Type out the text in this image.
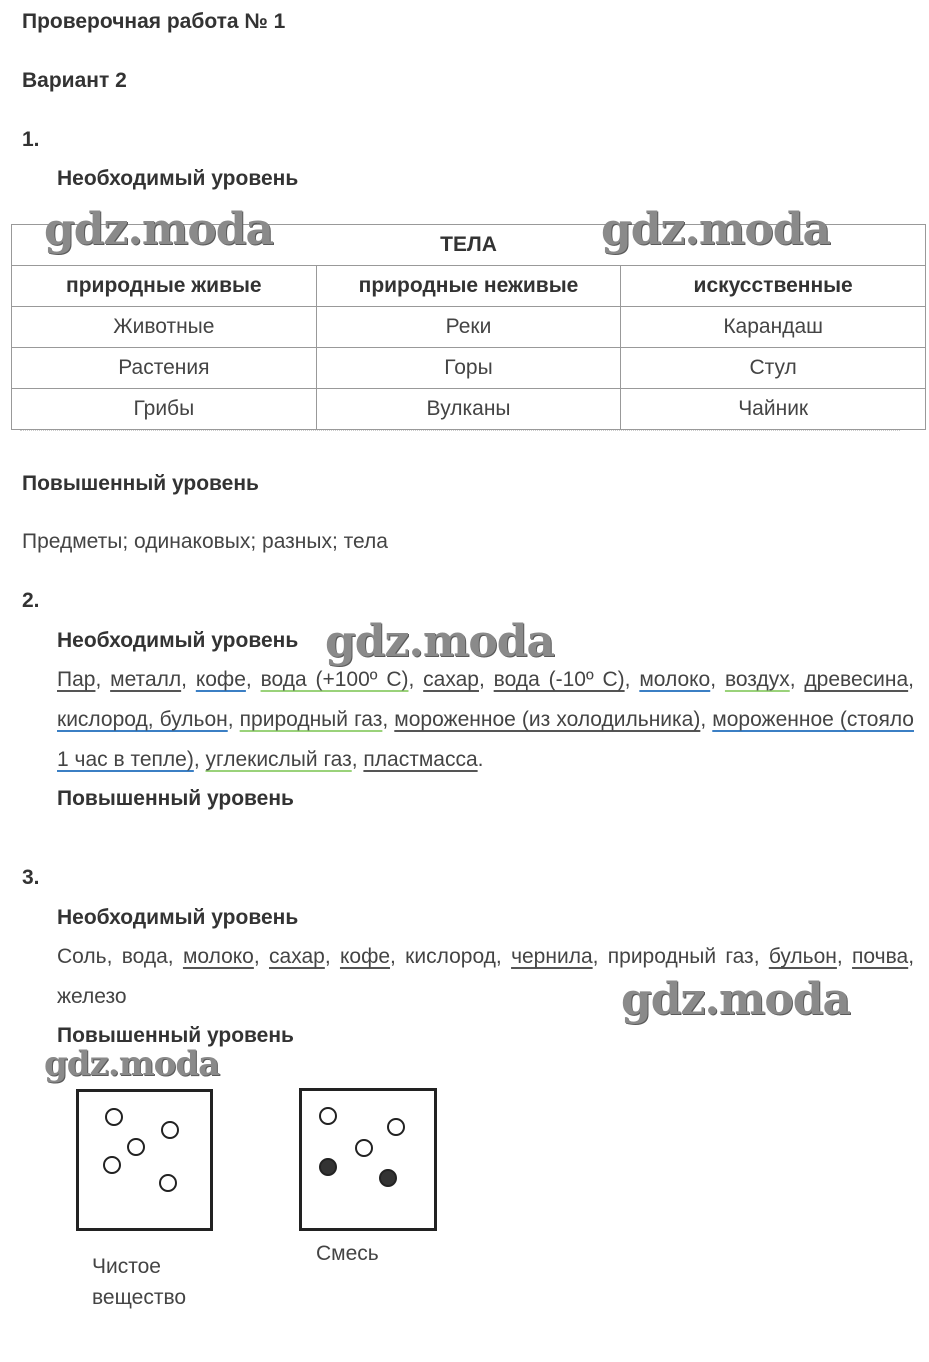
Проверочная работа № 1
Вариант 2
1.
Необходимый уровень
ТЕЛА		
природные живые	природные неживые	искусственные
Животные	Реки	Карандаш
Растения	Горы	Стул
Грибы	Вулканы	Чайник
Повышенный уровень
Предметы; одинаковых; разных; тела
2.
Необходимый уровень
Пар, металл, кофе, вода (+100º С), сахар, вода (-10º С), молоко, воздух, древесина, кислород, бульон, природный газ, мороженное (из холодильника), мороженное (стояло 1 час в тепле), углекислый газ, пластмасса.
Повышенный уровень
3.
Необходимый уровень
Соль, вода, молоко, сахар, кофе, кислород, чернила, природный газ, бульон, почва, железо
Повышенный уровень
Чистое
вещество
Смесь
gdz.moda	gdz.moda
gdz.moda
gdz.moda
gdz.moda
